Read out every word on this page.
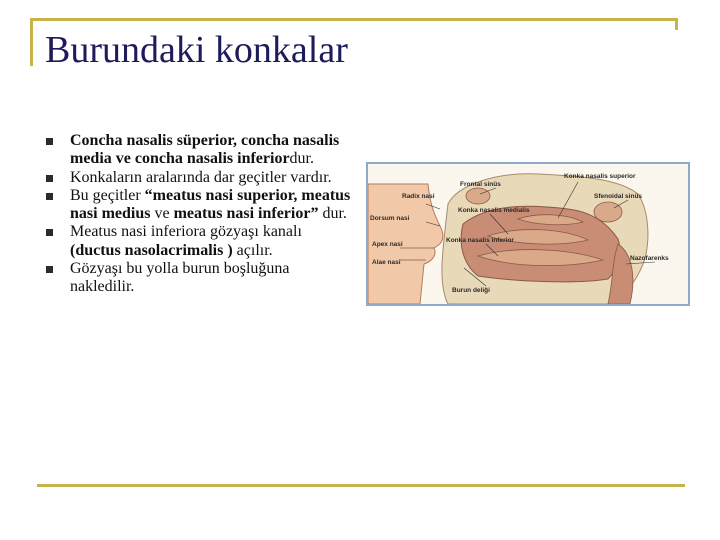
Burundaki konkalar
Concha nasalis süperior, concha nasalis media ve concha nasalis inferiordur.
Konkaların aralarında dar geçitler vardır.
Bu geçitler “meatus nasi superior, meatus nasi medius ve meatus nasi inferior” dur.
Meatus nasi inferiora gözyaşı kanalı (ductus nasolacrimalis ) açılır.
Gözyaşı bu yolla burun boşluğuna nakledilir.
Radix nasi
Dorsum nasi
Apex nasi
Alae nasi
Frontal sinüs
Konka nasalis superior
Sfenoidal sinüs
Konka nasalis medialis
Konka nasalis inferior
Nazofarenks
Burun deliği
